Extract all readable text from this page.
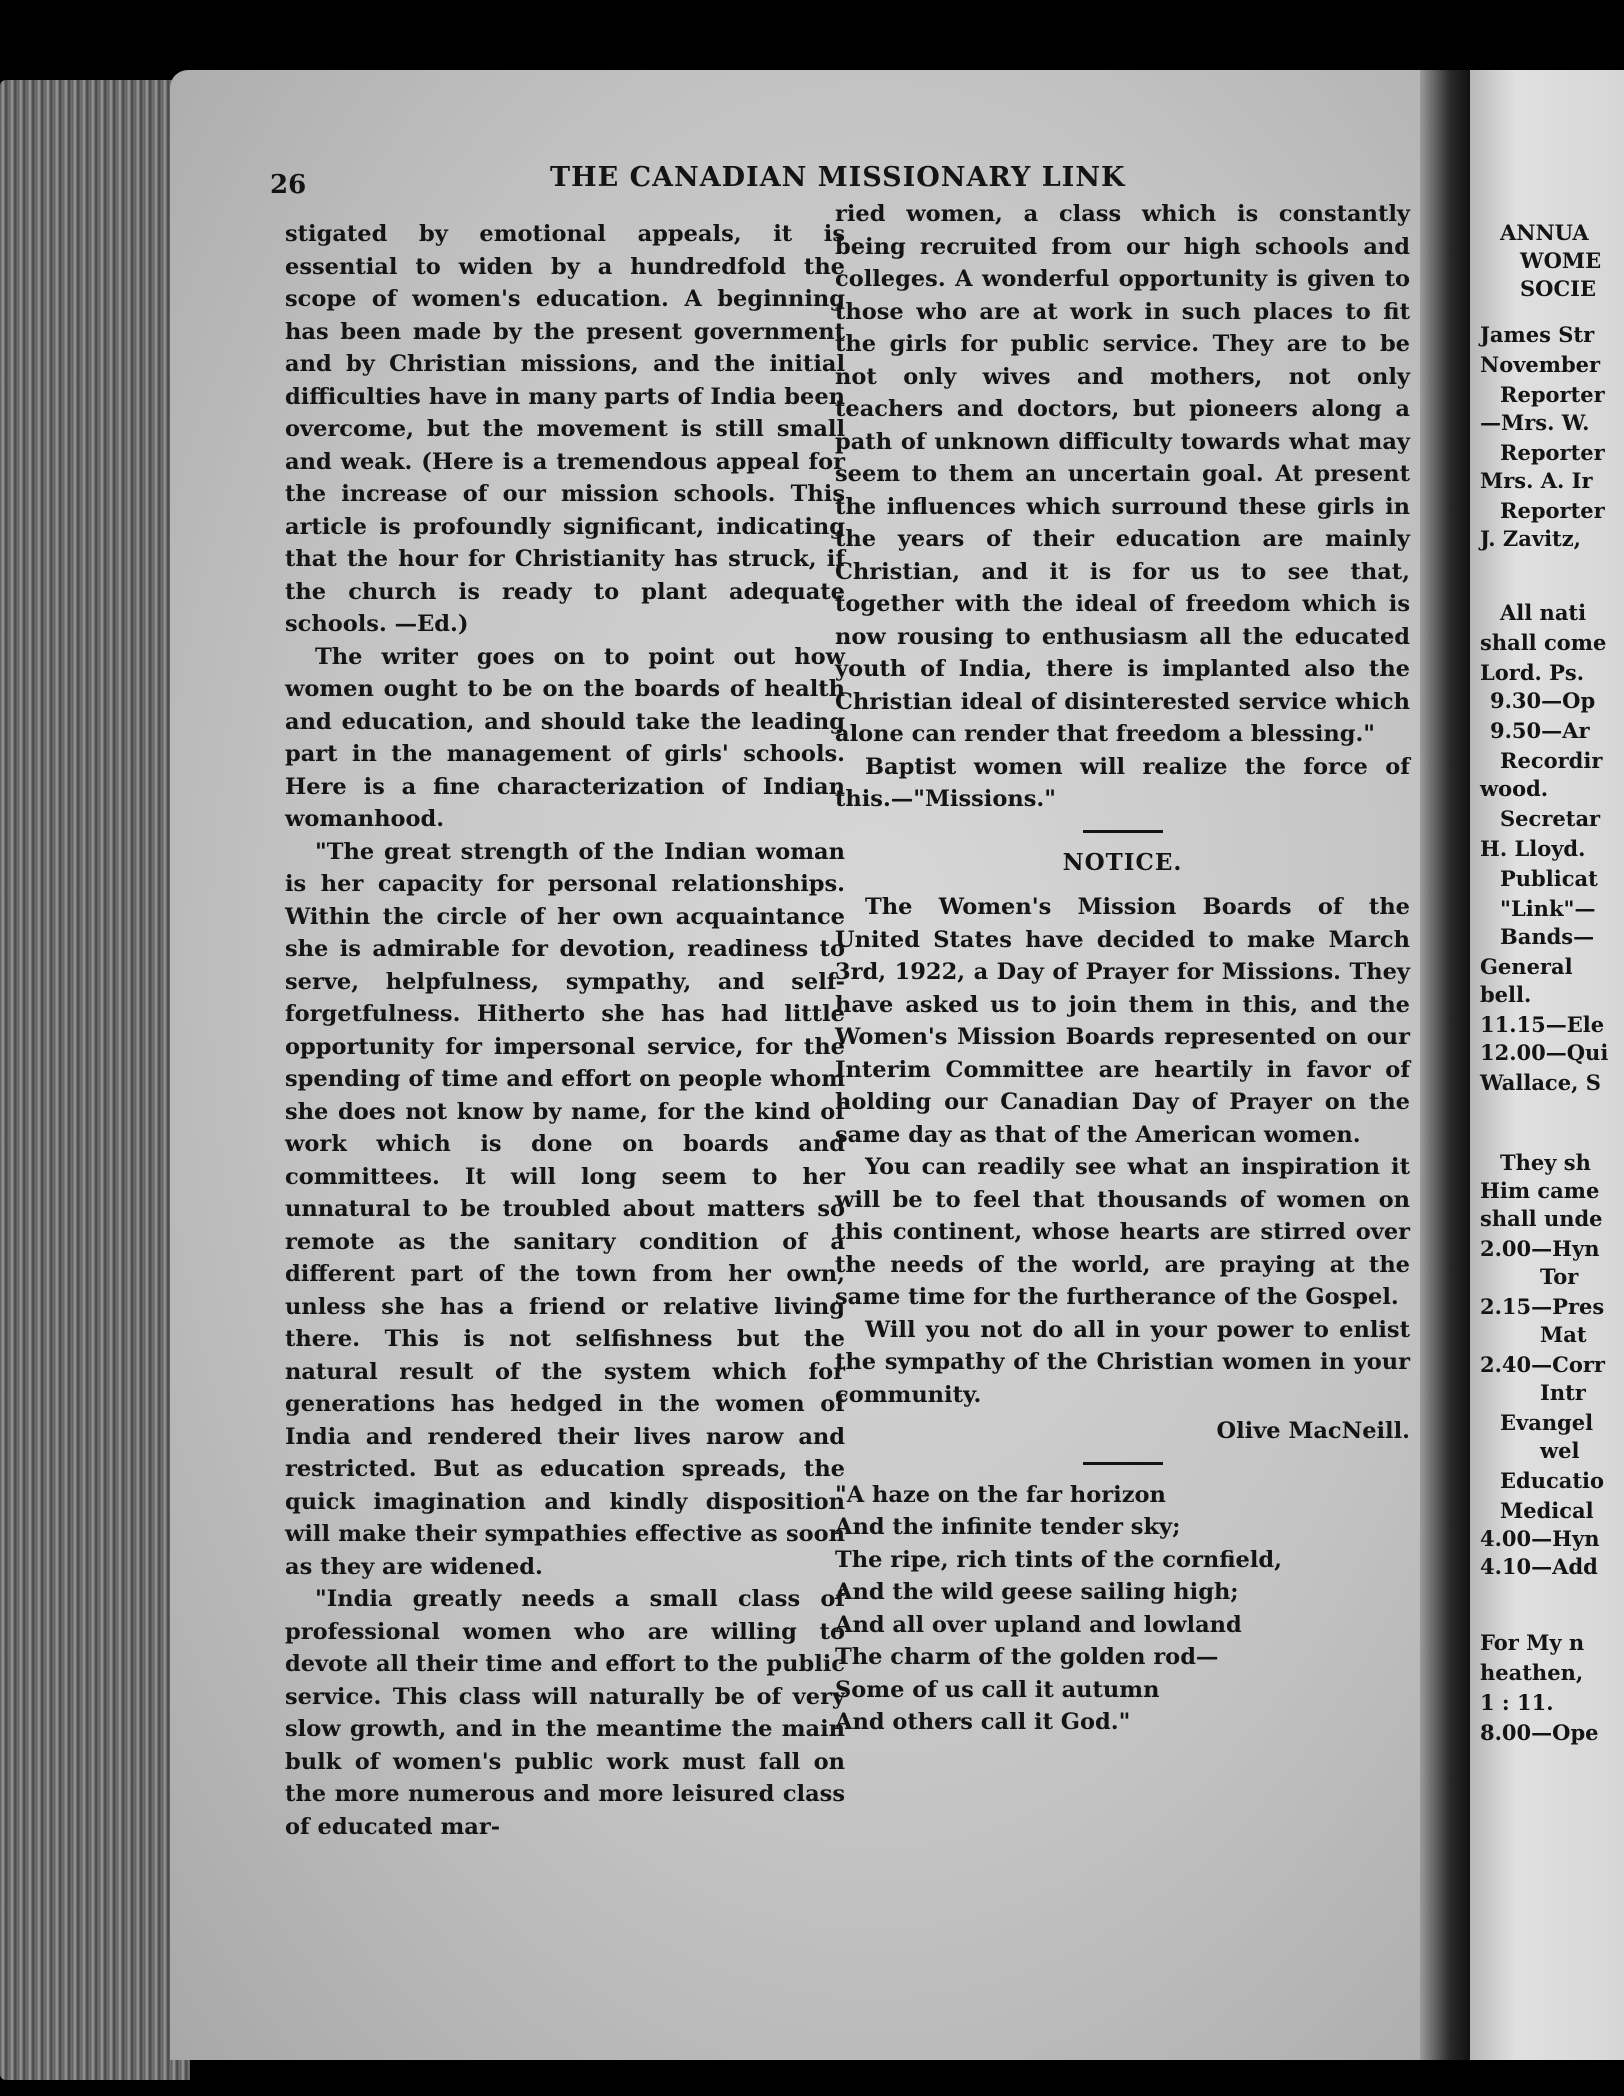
26	THE CANADIAN MISSIONARY LINK

stigated by emotional appeals, it is essential to widen by a hundredfold the scope of women's education. A beginning has been made by the present government and by Christian missions, and the initial difficulties have in many parts of India been overcome, but the movement is still small and weak. (Here is a tremendous appeal for the increase of our mission schools. This article is profoundly significant, indicating that the hour for Christianity has struck, if the church is ready to plant adequate schools. —Ed.)

The writer goes on to point out how women ought to be on the boards of health and education, and should take the leading part in the management of girls' schools. Here is a fine characterization of Indian womanhood.

"The great strength of the Indian woman is her capacity for personal relationships. Within the circle of her own acquaintance she is admirable for devotion, readiness to serve, helpfulness, sympathy, and self-forgetfulness. Hitherto she has had little opportunity for impersonal service, for the spending of time and effort on people whom she does not know by name, for the kind of work which is done on boards and committees. It will long seem to her unnatural to be troubled about matters so remote as the sanitary condition of a different part of the town from her own, unless she has a friend or relative living there. This is not selfishness but the natural result of the system which for generations has hedged in the women of India and rendered their lives narow and restricted. But as education spreads, the quick imagination and kindly disposition will make their sympathies effective as soon as they are widened.

"India greatly needs a small class of professional women who are willing to devote all their time and effort to the public service. This class will naturally be of very slow growth, and in the meantime the main bulk of women's public work must fall on the more numerous and more leisured class of educated mar-

ried women, a class which is constantly being recruited from our high schools and colleges. A wonderful opportunity is given to those who are at work in such places to fit the girls for public service. They are to be not only wives and mothers, not only teachers and doctors, but pioneers along a path of unknown difficulty towards what may seem to them an uncertain goal. At present the influences which surround these girls in the years of their education are mainly Christian, and it is for us to see that, together with the ideal of freedom which is now rousing to enthusiasm all the educated youth of India, there is implanted also the Christian ideal of disinterested service which alone can render that freedom a blessing."

Baptist women will realize the force of this.—"Missions."

NOTICE.

The Women's Mission Boards of the United States have decided to make March 3rd, 1922, a Day of Prayer for Missions. They have asked us to join them in this, and the Women's Mission Boards represented on our Interim Committee are heartily in favor of holding our Canadian Day of Prayer on the same day as that of the American women.

You can readily see what an inspiration it will be to feel that thousands of women on this continent, whose hearts are stirred over the needs of the world, are praying at the same time for the furtherance of the Gospel.

Will you not do all in your power to enlist the sympathy of the Christian women in your community.

Olive MacNeill.
"A haze on the far horizon
And the infinite tender sky;
The ripe, rich tints of the cornfield,
And the wild geese sailing high;
And all over upland and lowland
The charm of the golden rod—
Some of us call it autumn
And others call it God."
ANNUA
WOME
SOCIE
James Str
November
Reporter
—Mrs. W.
Reporter
Mrs. A. Ir
Reporter
J. Zavitz,
All nati
shall come
Lord. Ps.
9.30—Op
9.50—Ar
Recordir
wood.
Secretar
H. Lloyd.
Publicat
"Link"—
Bands—
General
bell.
11.15—Ele
12.00—Qui
Wallace, S
They sh
Him came
shall unde
2.00—Hyn
Tor
2.15—Pres
Mat
2.40—Corr
Intr
Evangel
wel
Educatio
Medical
4.00—Hyn
4.10—Add
For My n
heathen,
1 : 11.
8.00—Ope
